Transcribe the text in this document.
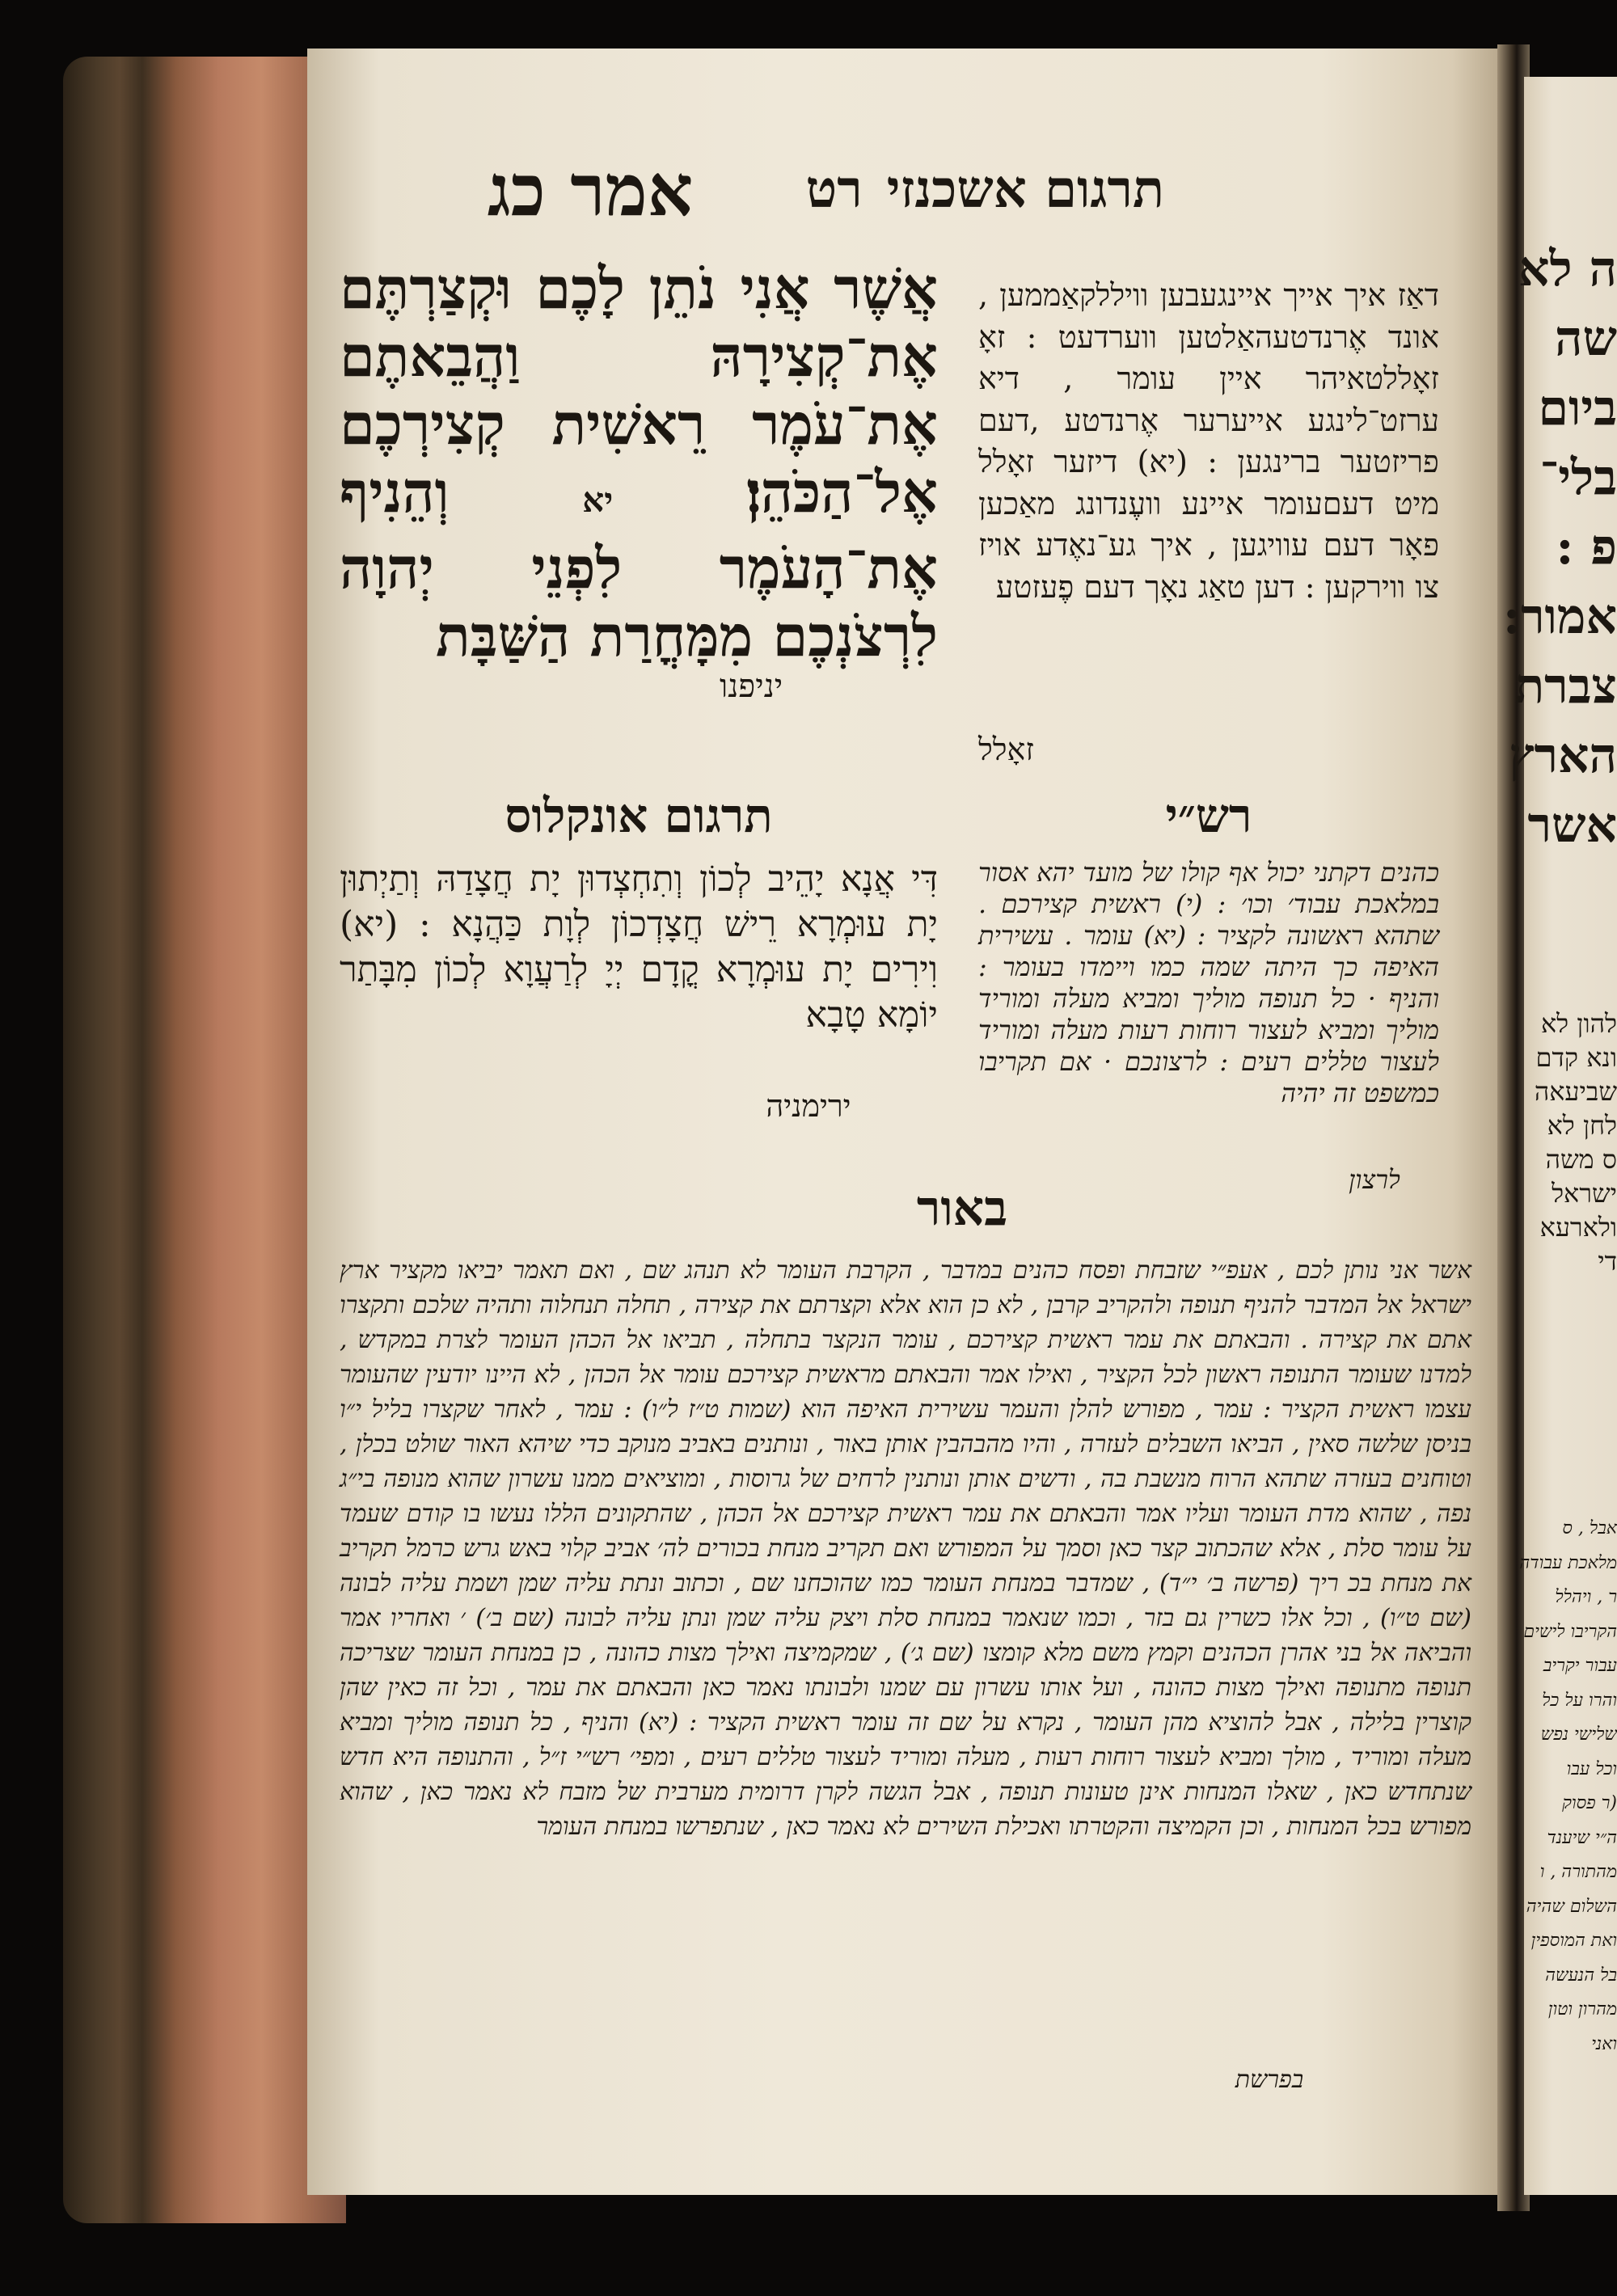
תרגום אשכנזי
רט
אמר כג
אֲשֶׁר אֲנִי נֹתֵן לָכֶם וּקְצַרְתֶּם אֶת־קְצִירָהּ וַהֲבֵאתֶם אֶת־עֹמֶר רֵאשִׁית קְצִירְכֶם אֶל־הַכֹּהֵן׃ יא וְהֵנִיף אֶת־הָעֹמֶר לִפְנֵי יְהוָה לִרְצֹנְכֶם מִמָּחֳרַת הַשַּׁבָּת
יניפנו
דאַז איך אייך איינגעבען וויללקאַממען , אונד אֶרנדטעהאַלטען ווערדעט : זאָ זאָללטאיהר איין עומר , דיא ערזט־לינגע אייערער אֶרנדטע ,דעם פריזטער ברינגען : (יא) דיזער זאָלל מיט דעםעומר איינע וועֶנדונג מאַכען פאָר דעם עוויגען , איך גע־נאֶדע אויז צו ווירקען : דען טאַג נאָך דעם פֶעזטע
זאָלל
תרגום אונקלוס	רש״י
דִּי אֲנָא יָהֵיב לְכוֹן וְתִחְצְדוּן יָת חֲצָדַהּ וְתַיְתוּן יָת עוּמְרָא רֵישׁ חֲצָדְכוֹן לְוָת כַּהֲנָא : (יא) וִירִים יָת עוּמְרָא קֳדָם יְיָ לְרַעֲוָא לְכוֹן מִבָּתַר יוֹמָא טָבָא
ירימניה
כהנים דקתני יכול אף קולו של מועד יהא אסור במלאכת עבוד׳ וכו׳ : (י) ראשית קצירכם . שתהא ראשונה לקציר : (יא) עומר . עשירית האיפה כך היתה שמה כמו ויימדו בעומר : והניף · כל תנופה מוליך ומביא מעלה ומוריד מוליך ומביא לעצור רוחות רעות מעלה ומוריד לעצור טללים רעים : לרצונכם · אם תקריבו כמשפט זה יהיה
לרצון
באור
אשר אני נותן לכם , אעפ״י שזבחת ופסח כהנים במדבר , הקרבת העומר לא תנהג שם , ואם תאמר יביאו מקציר ארץ ישראל אל המדבר להניף תנופה ולהקריב קרבן , לא כן הוא אלא וקצרתם את קצירה , תחלה תנחלוה ותהיה שלכם ותקצרו אתם את קצירה . והבאתם את עמר ראשית קצירכם , עומר הנקצר בתחלה , תביאו אל הכהן העומר לצרת במקדש , למדנו שעומר התנופה ראשון לכל הקציר , ואילו אמר והבאתם מראשית קצירכם עומר אל הכהן , לא היינו יודעין שהעומר עצמו ראשית הקציר : עמר , מפורש להלן והעמר עשירית האיפה הוא (שמות ט״ז ל״ו) : עמר , לאחר שקצרו בליל י״ו בניסן שלשה סאין , הביאו השבלים לעזרה , והיו מהבהבין אותן באור , ונותנים באביב מנוקב כדי שיהא האור שולט בכלן , וטוחנים בעזרה שתהא הרוח מנשבת בה , ודשים אותן ונותנין לרחים של גרוסות , ומוציאים ממנו עשרון שהוא מנופה בי״ג נפה , שהוא מדת העומר ועליו אמר והבאתם את עמר ראשית קצירכם אל הכהן , שהתקונים הללו נעשו בו קודם שעמד על עומר סלת , אלא שהכתוב קצר כאן וסמך על המפורש ואם תקריב מנחת בכורים לה׳ אביב קלוי באש גרש כרמל תקריב את מנחת בכ ריך (פרשה ב׳ י״ד) , שמדבר במנחת העומר כמו שהוכחנו שם , וכתוב ונתת עליה שמן ושמת עליה לבונה (שם ט״ו) , וכל אלו כשרין גם בזר , וכמו שנאמר במנחת סלת ויצק עליה שמן ונתן עליה לבונה (שם ב׳) ׳ ואחריו אמר והביאה אל בני אהרן הכהנים וקמץ משם מלא קומצו (שם ג׳) , שמקמיצה ואילך מצות כהונה , כן במנחת העומר שצריכה תנופה מתנופה ואילך מצות כהונה , ועל אותו עשרון עם שמנו ולבונתו נאמר כאן והבאתם את עמר , וכל זה כאין שהן קוצרין בלילה , אבל להוציא מהן העומר , נקרא על שם זה עומר ראשית הקציר : (יא) והניף , כל תנופה מוליך ומביא מעלה ומוריד , מולך ומביא לעצור רוחות רעות , מעלה ומוריד לעצור טללים רעים , ומפי׳ רש״י ז״ל , והתנופה היא חדש שנתחדש כאן , שאלו המנחות אינן טעונות תנופה , אבל הגשה לקרן דרומית מערבית של מזבח לא נאמר כאן , שהוא מפורש בכל המנחות , וכן הקמיצה והקטרתו ואכילת השירים לא נאמר כאן , שנתפרשו במנחת העומר
בפרשת
ה לא
שה
ביום
בלי־
פ :
אמור:
צברת
הארץ
אשר
להון לא
ונא קדם
שביעאה
לחן לא
ס משה
ישראל
ולארעא
די
אבל , ס
מלאכת עבודה
ר , ויהלל
הקריבו לישים
עבור יקריב
והרו על כל
שלישי נפש
וכל עבו
(ר פסוק
ה״י שיענד
מהתורה , ו
השלום שהיה
ואת המוספין
בל הנעשה
מהרון וטון
ואני
